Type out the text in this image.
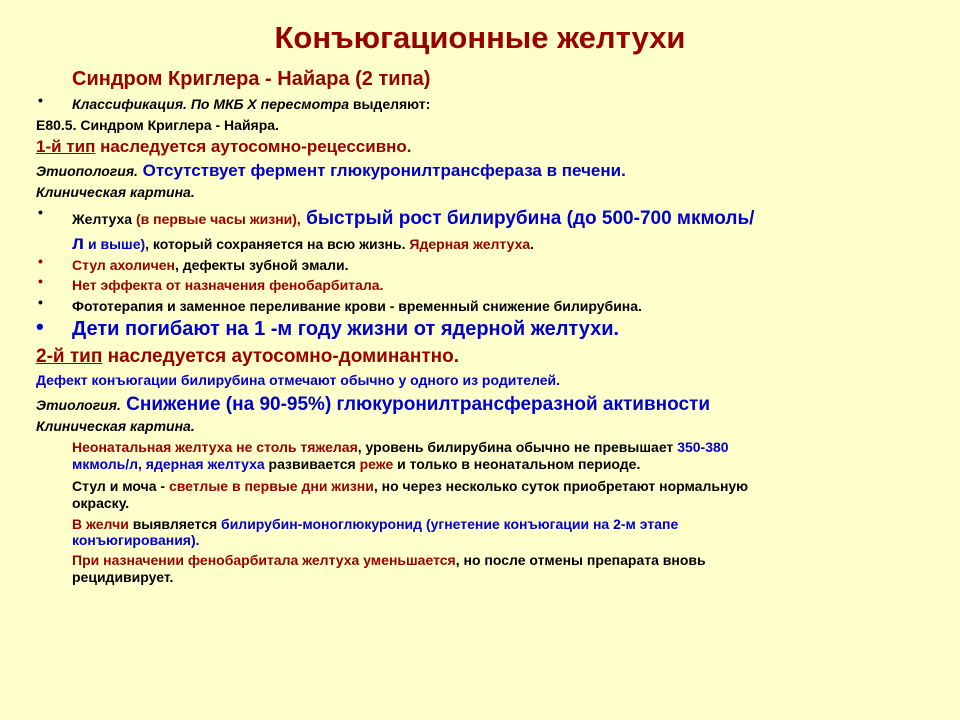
Конъюгационные желтухи
Синдром Криглера - Найара (2 типа)
• Классификация. По МКБ X пересмотра выделяют:
Е80.5. Синдром Криглера - Найяра.
1-й тип наследуется аутосомно-рецессивно.
Этиопология. Отсутствует фермент глюкуронилтрансфераза в печени.
Клиническая картина.
• Желтуха (в первые часы жизни), быстрый рост билирубина (до 500-700 мкмоль/
л и выше), который сохраняется на всю жизнь. Ядерная желтуха.
• Стул ахоличен, дефекты зубной эмали.
• Нет эффекта от назначения фенобарбитала.
• Фототерапия и заменное переливание крови - временный снижение билирубина.
• Дети погибают на 1 -м году жизни от ядерной желтухи.
2-й тип наследуется аутосомно-доминантно.
Дефект конъюгации билирубина отмечают обычно у одного из родителей.
Этиология. Снижение (на 90-95%) глюкуронилтрансферазной активности
Клиническая картина.
Неонатальная желтуха не столь тяжелая, уровень билирубина обычно не превышает 350-380
мкмоль/л, ядерная желтуха развивается реже и только в неонатальном периоде.
Стул и моча - светлые в первые дни жизни, но через несколько суток приобретают нормальную
окраску.
В желчи выявляется билирубин-моноглюкуронид (угнетение конъюгации на 2-м этапе
конъюгирования).
При назначении фенобарбитала желтуха уменьшается, но после отмены препарата вновь
рецидивирует.
